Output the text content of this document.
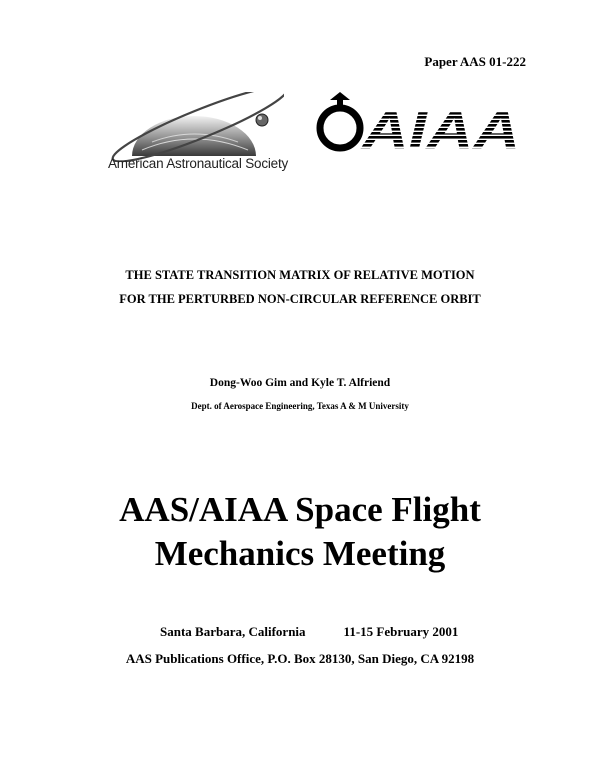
Paper AAS 01-222
American Astronautical Society
AIAA
THE STATE TRANSITION MATRIX OF RELATIVE MOTION
FOR THE PERTURBED NON-CIRCULAR REFERENCE ORBIT
Dong-Woo Gim and Kyle T. Alfriend
Dept. of Aerospace Engineering, Texas A & M University
AAS/AIAA Space Flight
Mechanics Meeting
Santa Barbara, California	11-15 February 2001
AAS Publications Office, P.O. Box 28130, San Diego, CA 92198
